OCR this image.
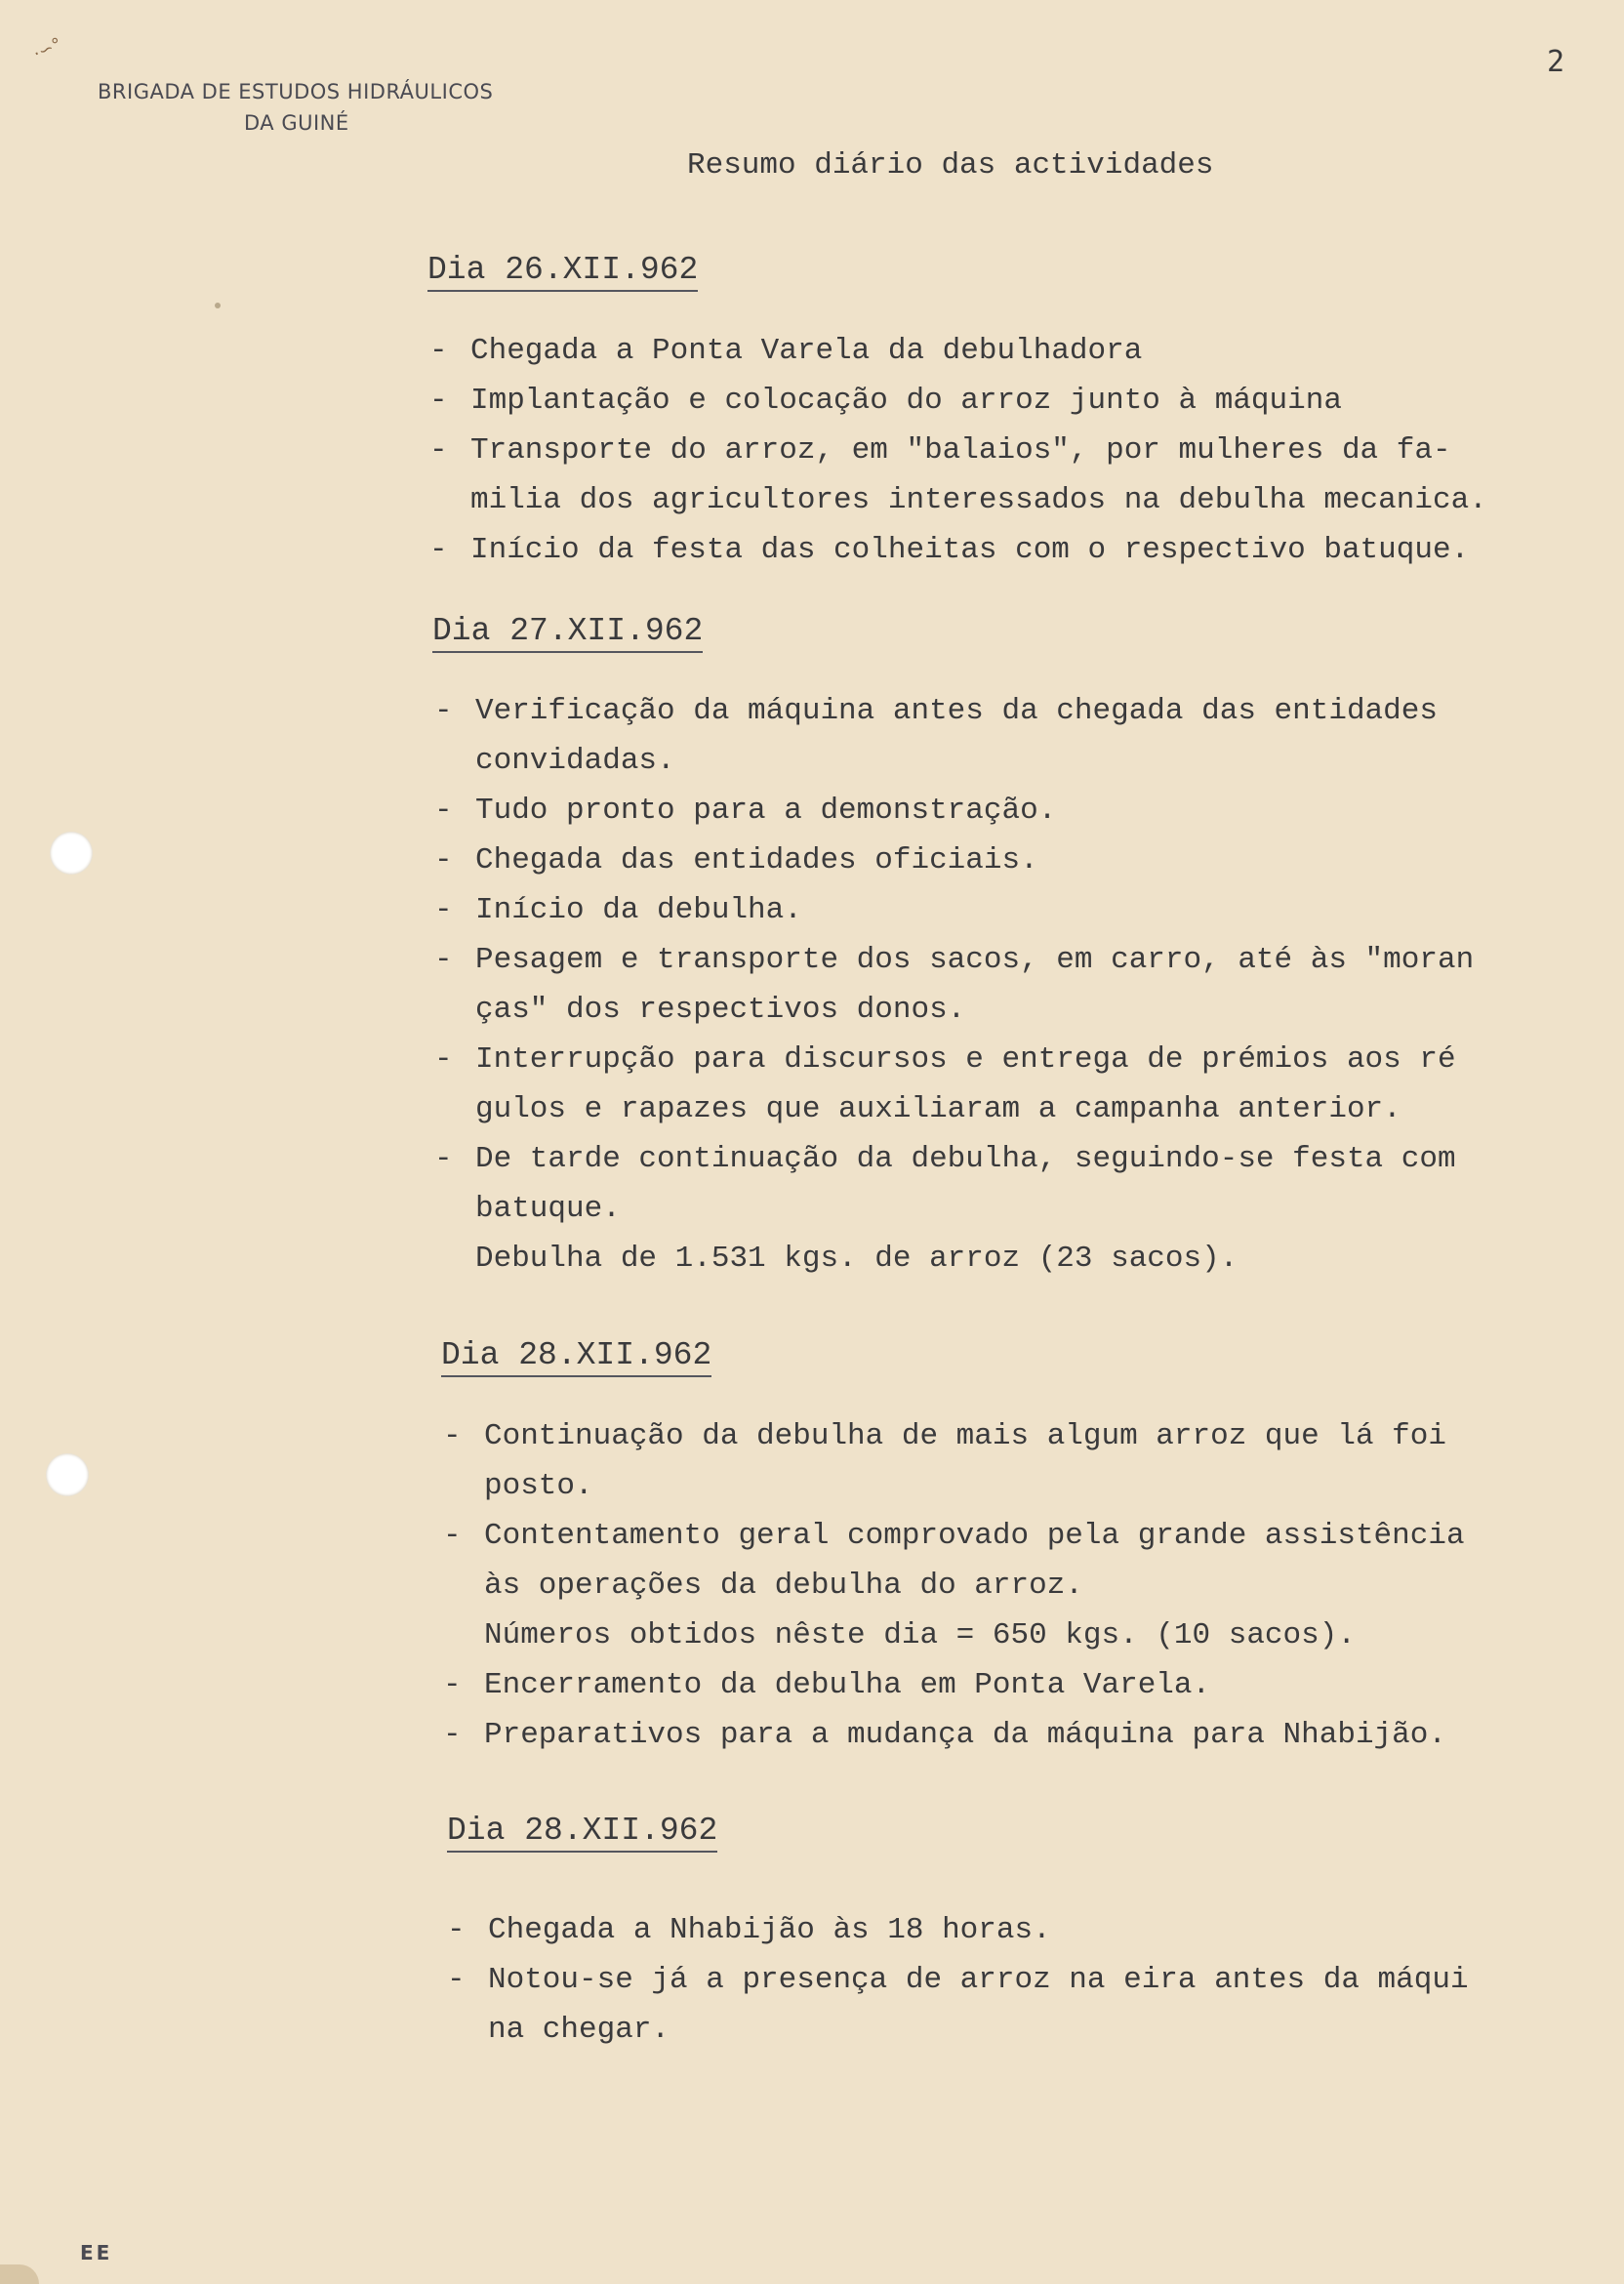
·∽°
BRIGADA DE ESTUDOS HIDRÁULICOS
DA GUINÉ
2
Resumo diário das actividades
Dia 26.XII.962
- Chegada a Ponta Varela da debulhadora
- Implantação e colocação do arroz junto à máquina
- Transporte do arroz, em "balaios", por mulheres da fa-
milia dos agricultores interessados na debulha mecanica.
- Início da festa das colheitas com o respectivo batuque.
Dia 27.XII.962
- Verificação da máquina antes da chegada das entidades
convidadas.
- Tudo pronto para a demonstração.
- Chegada das entidades oficiais.
- Início da debulha.
- Pesagem e transporte dos sacos, em carro, até às "moran
ças" dos respectivos donos.
- Interrupção para discursos e entrega de prémios aos ré
gulos e rapazes que auxiliaram a campanha anterior.
- De tarde continuação da debulha, seguindo-se festa com
batuque.
Debulha de 1.531 kgs. de arroz (23 sacos).
Dia 28.XII.962
- Continuação da debulha de mais algum arroz que lá foi
posto.
- Contentamento geral comprovado pela grande assistência
às operações da debulha do arroz.
Números obtidos nêste dia = 650 kgs. (10 sacos).
- Encerramento da debulha em Ponta Varela.
- Preparativos para a mudança da máquina para Nhabijão.
Dia 28.XII.962
- Chegada a Nhabijão às 18 horas.
- Notou-se já a presença de arroz na eira antes da máqui
na chegar.
EE
